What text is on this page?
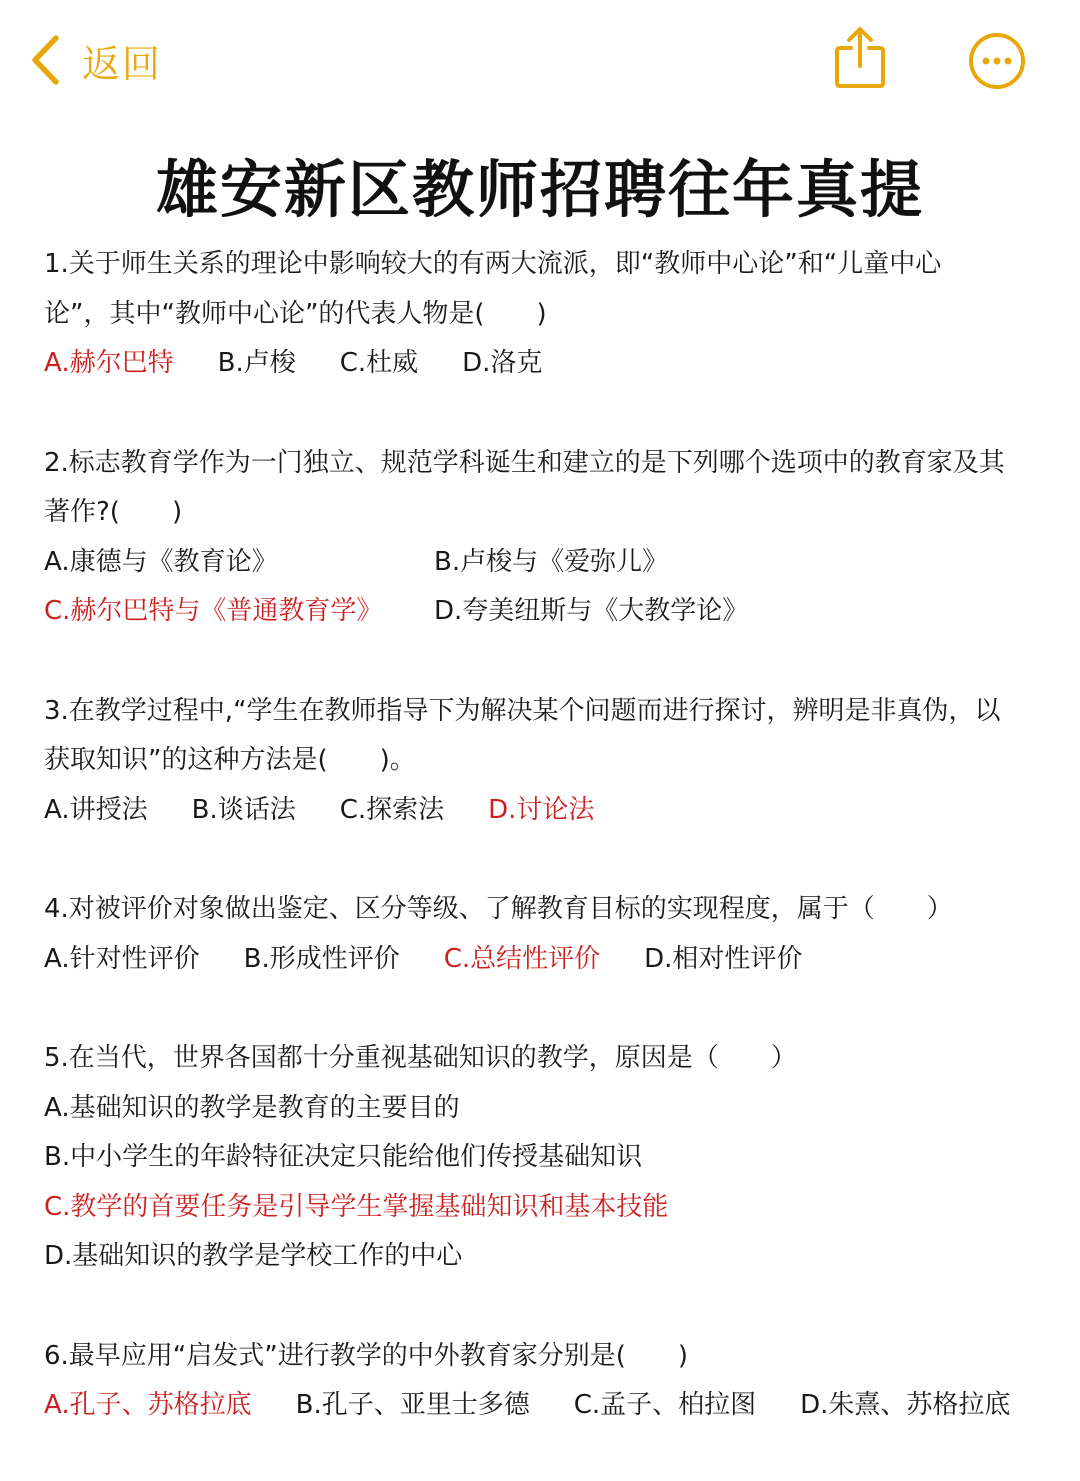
返回
雄安新区教师招聘往年真提
1.关于师生关系的理论中影响较大的有两大流派，即“教师中心论”和“儿童中心
论”，其中“教师中心论”的代表人物是(　　)
A.赫尔巴特 B.卢梭 C.杜威 D.洛克
2.标志教育学作为一门独立、规范学科诞生和建立的是下列哪个选项中的教育家及其
著作?(　　)
A.康德与《教育论》	B.卢梭与《爱弥儿》
C.赫尔巴特与《普通教育学》	D.夸美纽斯与《大教学论》
3.在教学过程中,“学生在教师指导下为解决某个问题而进行探讨，辨明是非真伪，以
获取知识”的这种方法是(　　)。
A.讲授法 B.谈话法 C.探索法 D.讨论法
4.对被评价对象做出鉴定、区分等级、了解教育目标的实现程度，属于（　　）
A.针对性评价 B.形成性评价 C.总结性评价 D.相对性评价
5.在当代，世界各国都十分重视基础知识的教学，原因是（　　）
A.基础知识的教学是教育的主要目的
B.中小学生的年龄特征决定只能给他们传授基础知识
C.教学的首要任务是引导学生掌握基础知识和基本技能
D.基础知识的教学是学校工作的中心
6.最早应用“启发式”进行教学的中外教育家分别是(　　)
A.孔子、苏格拉底 B.孔子、亚里士多德 C.孟子、柏拉图 D.朱熹、苏格拉底
